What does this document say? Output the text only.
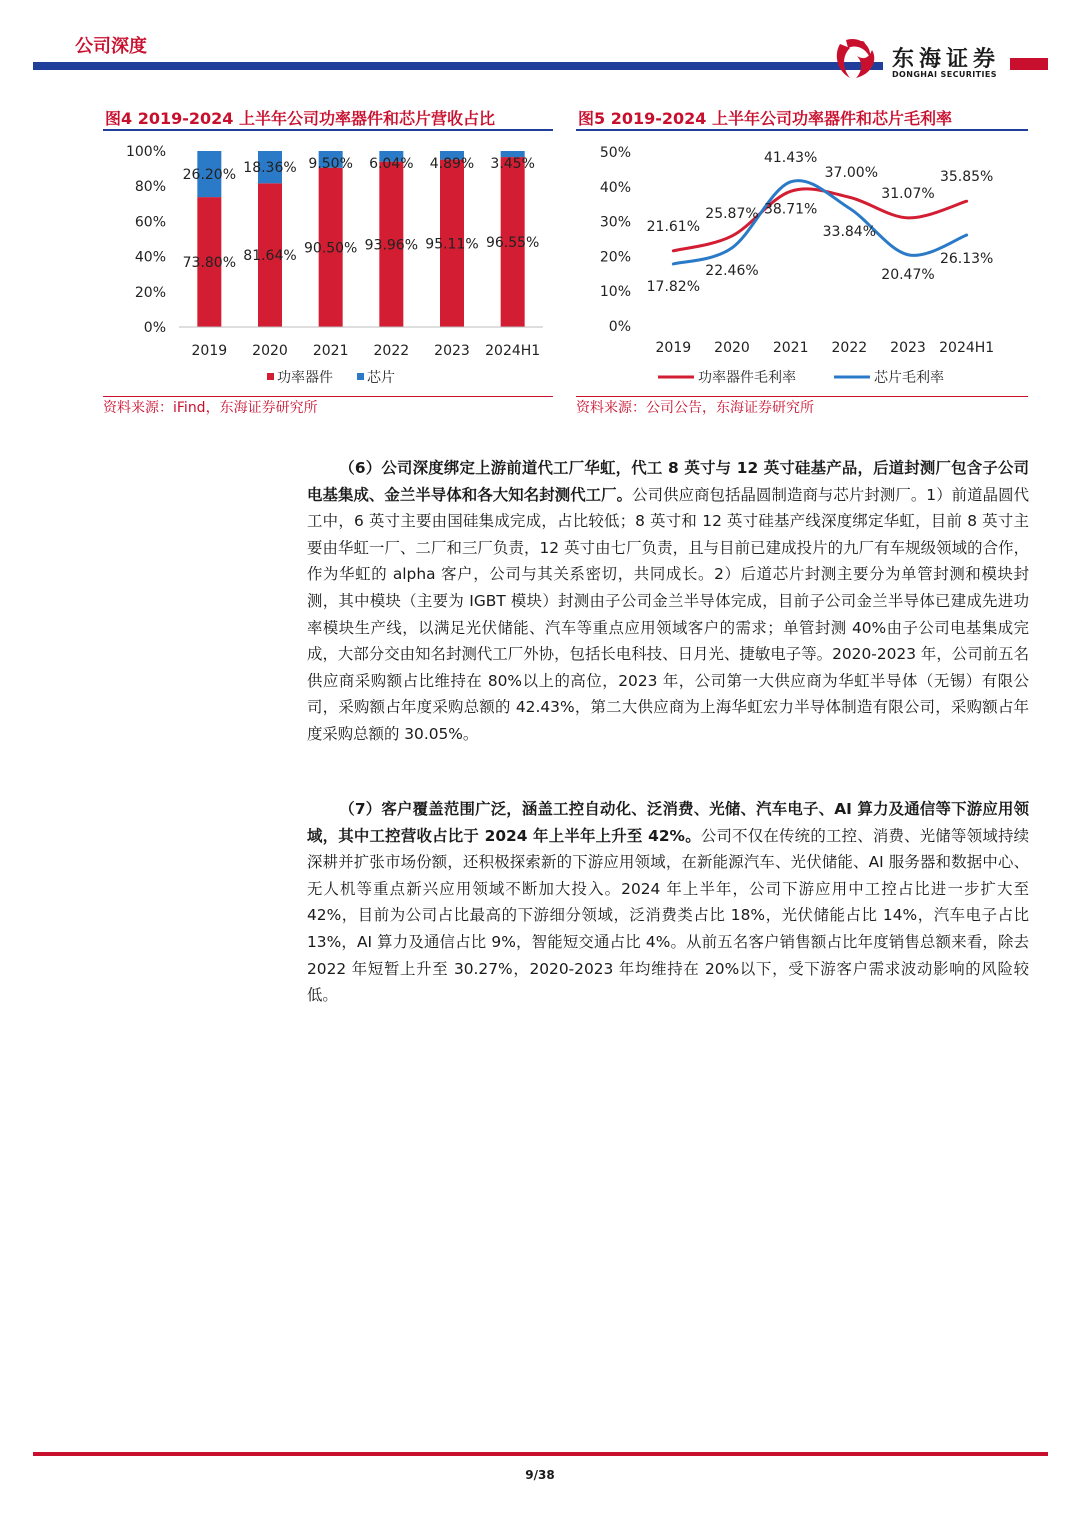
公司深度
东海证券
DONGHAI SECURITIES
图4 2019-2024 上半年公司功率器件和芯片营收占比
0%
20%
40%
60%
80%
100%
2019
73.80%
26.20%
2020
81.64%
18.36%
2021
90.50%
9.50%
2022
93.96%
6.04%
2023
95.11%
4.89%
2024H1
96.55%
3.45%
功率器件 芯片
资料来源：iFind，东海证券研究所
图5 2019-2024 上半年公司功率器件和芯片毛利率
0%
10%
20%
30%
40%
50%
2019 2020 2021 2022 2023 2024H1
21.61%
25.87% 38.71%
37.00%
31.07%
35.85%
17.82%
22.46%
41.43%
33.84%
20.47%
26.13%
功率器件毛利率	芯片毛利率
资料来源：公司公告，东海证券研究所
（6）公司深度绑定上游前道代工厂华虹，代工 8 英寸与 12 英寸硅基产品，后道封测厂包含子公司电基集成、金兰半导体和各大知名封测代工厂。公司供应商包括晶圆制造商与芯片封测厂。1）前道晶圆代工中，6 英寸主要由国硅集成完成，占比较低；8 英寸和 12 英寸硅基产线深度绑定华虹，目前 8 英寸主要由华虹一厂、二厂和三厂负责，12 英寸由七厂负责，且与目前已建成投片的九厂有车规级领域的合作，作为华虹的 alpha 客户，公司与其关系密切，共同成长。2）后道芯片封测主要分为单管封测和模块封测，其中模块（主要为 IGBT 模块）封测由子公司金兰半导体完成，目前子公司金兰半导体已建成先进功率模块生产线，以满足光伏储能、汽车等重点应用领域客户的需求；单管封测 40%由子公司电基集成完成，大部分交由知名封测代工厂外协，包括长电科技、日月光、捷敏电子等。2020-2023 年，公司前五名供应商采购额占比维持在 80%以上的高位，2023 年，公司第一大供应商为华虹半导体（无锡）有限公司，采购额占年度采购总额的 42.43%，第二大供应商为上海华虹宏力半导体制造有限公司，采购额占年度采购总额的 30.05%。
（7）客户覆盖范围广泛，涵盖工控自动化、泛消费、光储、汽车电子、AI 算力及通信等下游应用领域，其中工控营收占比于 2024 年上半年上升至 42%。公司不仅在传统的工控、消费、光储等领域持续深耕并扩张市场份额，还积极探索新的下游应用领域，在新能源汽车、光伏储能、AI 服务器和数据中心、无人机等重点新兴应用领域不断加大投入。2024 年上半年，公司下游应用中工控占比进一步扩大至 42%，目前为公司占比最高的下游细分领域，泛消费类占比 18%，光伏储能占比 14%，汽车电子占比 13%，AI 算力及通信占比 9%，智能短交通占比 4%。从前五名客户销售额占比年度销售总额来看，除去 2022 年短暂上升至 30.27%，2020-2023 年均维持在 20%以下，受下游客户需求波动影响的风险较低。
9/38
